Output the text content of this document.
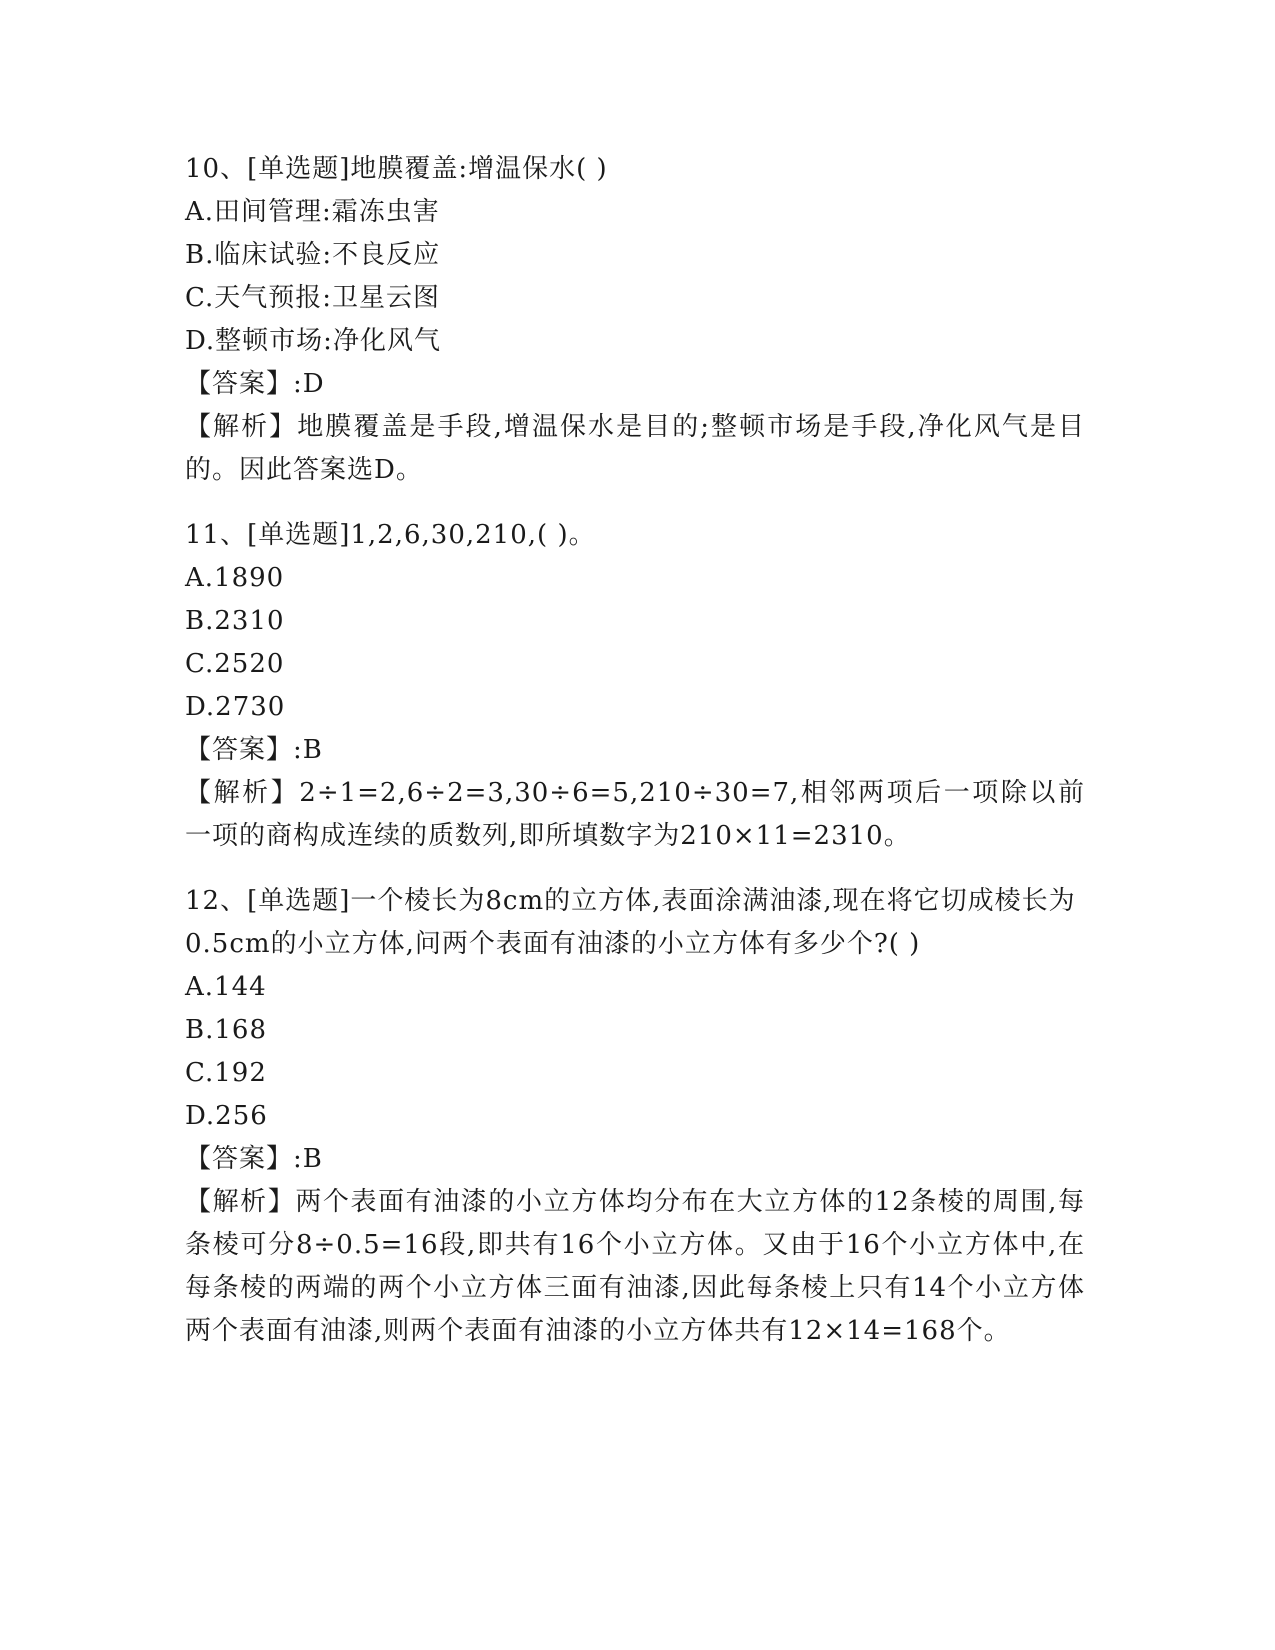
10、[单选题]地膜覆盖:增温保水( )
A.田间管理:霜冻虫害
B.临床试验:不良反应
C.天气预报:卫星云图
D.整顿市场:净化风气
【答案】:D
【解析】地膜覆盖是手段,增温保水是目的;整顿市场是手段,净化风气是目的。因此答案选D。
11、[单选题]1,2,6,30,210,( )。
A.1890
B.2310
C.2520
D.2730
【答案】:B
【解析】2÷1=2,6÷2=3,30÷6=5,210÷30=7,相邻两项后一项除以前一项的商构成连续的质数列,即所填数字为210×11=2310。
12、[单选题]一个棱长为8cm的立方体,表面涂满油漆,现在将它切成棱长为0.5cm的小立方体,问两个表面有油漆的小立方体有多少个?( )
A.144
B.168
C.192
D.256
【答案】:B
【解析】两个表面有油漆的小立方体均分布在大立方体的12条棱的周围,每条棱可分8÷0.5=16段,即共有16个小立方体。又由于16个小立方体中,在每条棱的两端的两个小立方体三面有油漆,因此每条棱上只有14个小立方体两个表面有油漆,则两个表面有油漆的小立方体共有12×14=168个。
